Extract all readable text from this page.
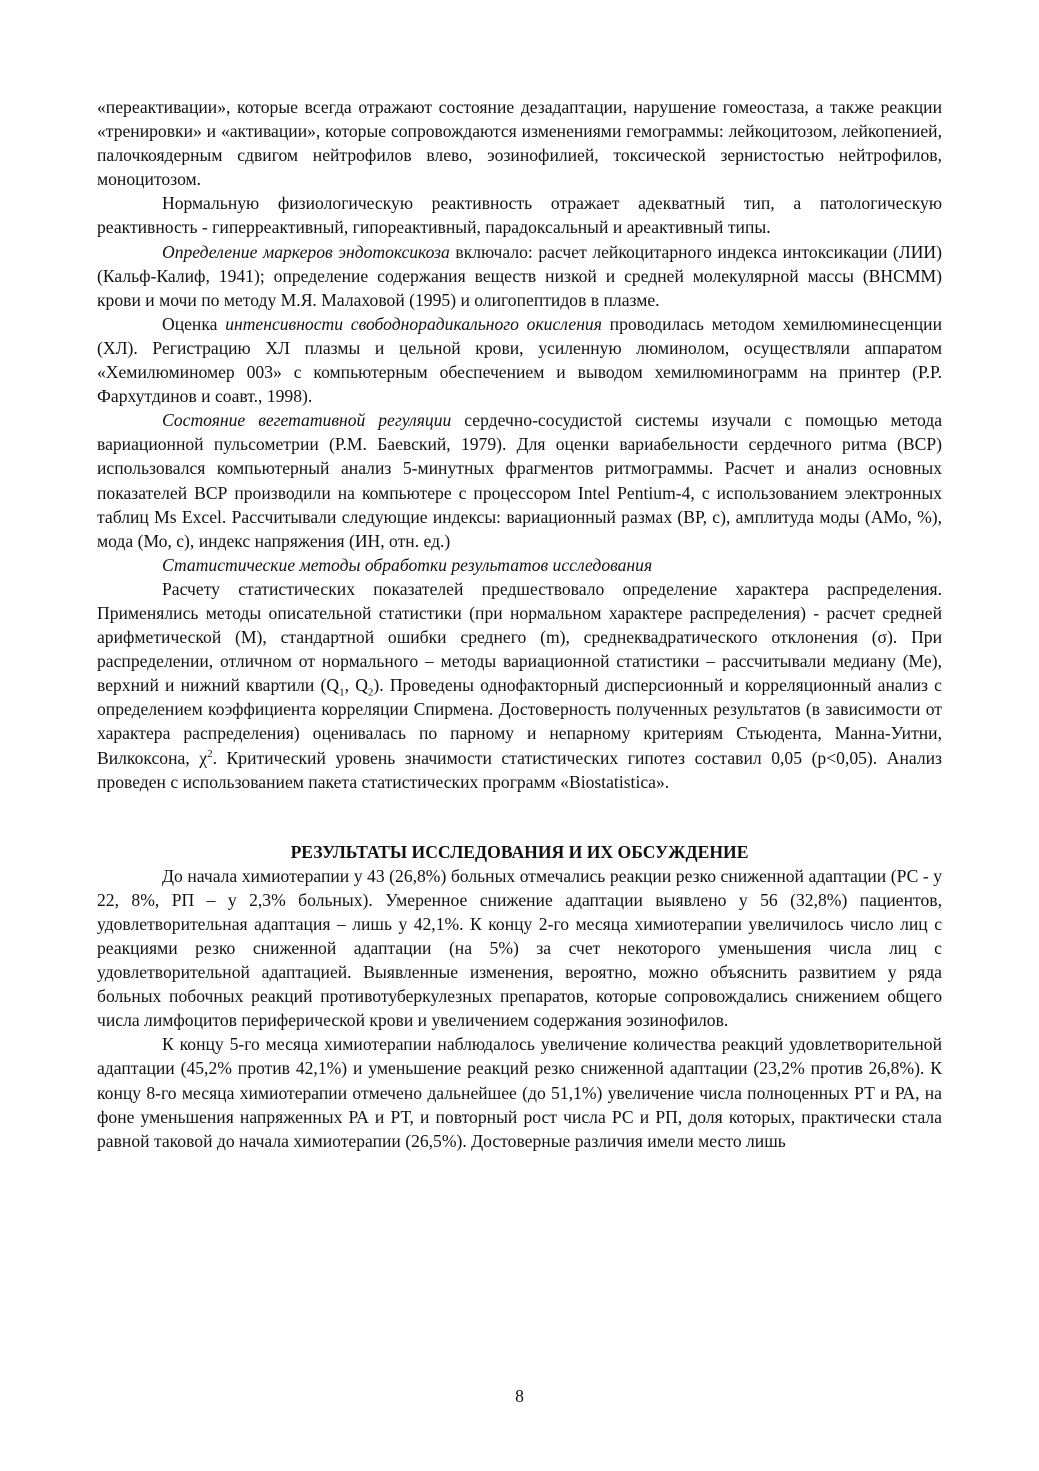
«переактивации», которые всегда отражают состояние дезадаптации, нарушение гомеостаза, а также реакции «тренировки» и «активации», которые сопровождаются изменениями гемограммы: лейкоцитозом, лейкопенией, палочкоядерным сдвигом нейтрофилов влево, эозинофилией, токсической зернистостью нейтрофилов, моноцитозом.

Нормальную физиологическую реактивность отражает адекватный тип, а патологическую реактивность - гиперреактивный, гипореактивный, парадоксальный и ареактивный типы.

Определение маркеров эндотоксикоза включало: расчет лейкоцитарного индекса интоксикации (ЛИИ) (Кальф-Калиф, 1941); определение содержания веществ низкой и средней молекулярной массы (ВНСММ) крови и мочи по методу М.Я. Малаховой (1995) и олигопептидов в плазме.

Оценка интенсивности свободнорадикального окисления проводилась методом хемилюминесценции (ХЛ). Регистрацию ХЛ плазмы и цельной крови, усиленную люминолом, осуществляли аппаратом «Хемилюминомер 003» с компьютерным обеспечением и выводом хемилюминограмм на принтер (Р.Р. Фархутдинов и соавт., 1998).

Состояние вегетативной регуляции сердечно-сосудистой системы изучали с помощью метода вариационной пульсометрии (Р.М. Баевский, 1979). Для оценки вариабельности сердечного ритма (ВСР) использовался компьютерный анализ 5-минутных фрагментов ритмограммы. Расчет и анализ основных показателей ВСР производили на компьютере с процессором Intel Pentium-4, с использованием электронных таблиц Ms Excel. Рассчитывали следующие индексы: вариационный размах (ВР, с), амплитуда моды (АМо, %), мода (Мо, с), индекс напряжения (ИН, отн. ед.)

Статистические методы обработки результатов исследования

Расчету статистических показателей предшествовало определение характера распределения. Применялись методы описательной статистики (при нормальном характере распределения) - расчет средней арифметической (М), стандартной ошибки среднего (m), среднеквадратического отклонения (σ). При распределении, отличном от нормального – методы вариационной статистики – рассчитывали медиану (Ме), верхний и нижний квартили ($Q_1$, $Q_2$). Проведены однофакторный дисперсионный и корреляционный анализ с определением коэффициента корреляции Спирмена. Достоверность полученных результатов (в зависимости от характера распределения) оценивалась по парному и непарному критериям Стьюдента, Манна-Уитни, Вилкоксона, $\chi^2$. Критический уровень значимости статистических гипотез составил 0,05 (р<0,05). Анализ проведен с использованием пакета статистических программ «Biostatistica».

РЕЗУЛЬТАТЫ ИССЛЕДОВАНИЯ И ИХ ОБСУЖДЕНИЕ

До начала химиотерапии у 43 (26,8%) больных отмечались реакции резко сниженной адаптации (РС - у 22, 8%, РП – у 2,3% больных). Умеренное снижение адаптации выявлено у 56 (32,8%) пациентов, удовлетворительная адаптация – лишь у 42,1%. К концу 2-го месяца химиотерапии увеличилось число лиц с реакциями резко сниженной адаптации (на 5%) за счет некоторого уменьшения числа лиц с удовлетворительной адаптацией. Выявленные изменения, вероятно, можно объяснить развитием у ряда больных побочных реакций противотуберкулезных препаратов, которые сопровождались снижением общего числа лимфоцитов периферической крови и увеличением содержания эозинофилов.

К концу 5-го месяца химиотерапии наблюдалось увеличение количества реакций удовлетворительной адаптации (45,2% против 42,1%) и уменьшение реакций резко сниженной адаптации (23,2% против 26,8%). К концу 8-го месяца химиотерапии отмечено дальнейшее (до 51,1%) увеличение числа полноценных РТ и РА, на фоне уменьшения напряженных РА и РТ, и повторный рост числа РС и РП, доля которых, практически стала равной таковой до начала химиотерапии (26,5%). Достоверные различия имели место лишь

8
